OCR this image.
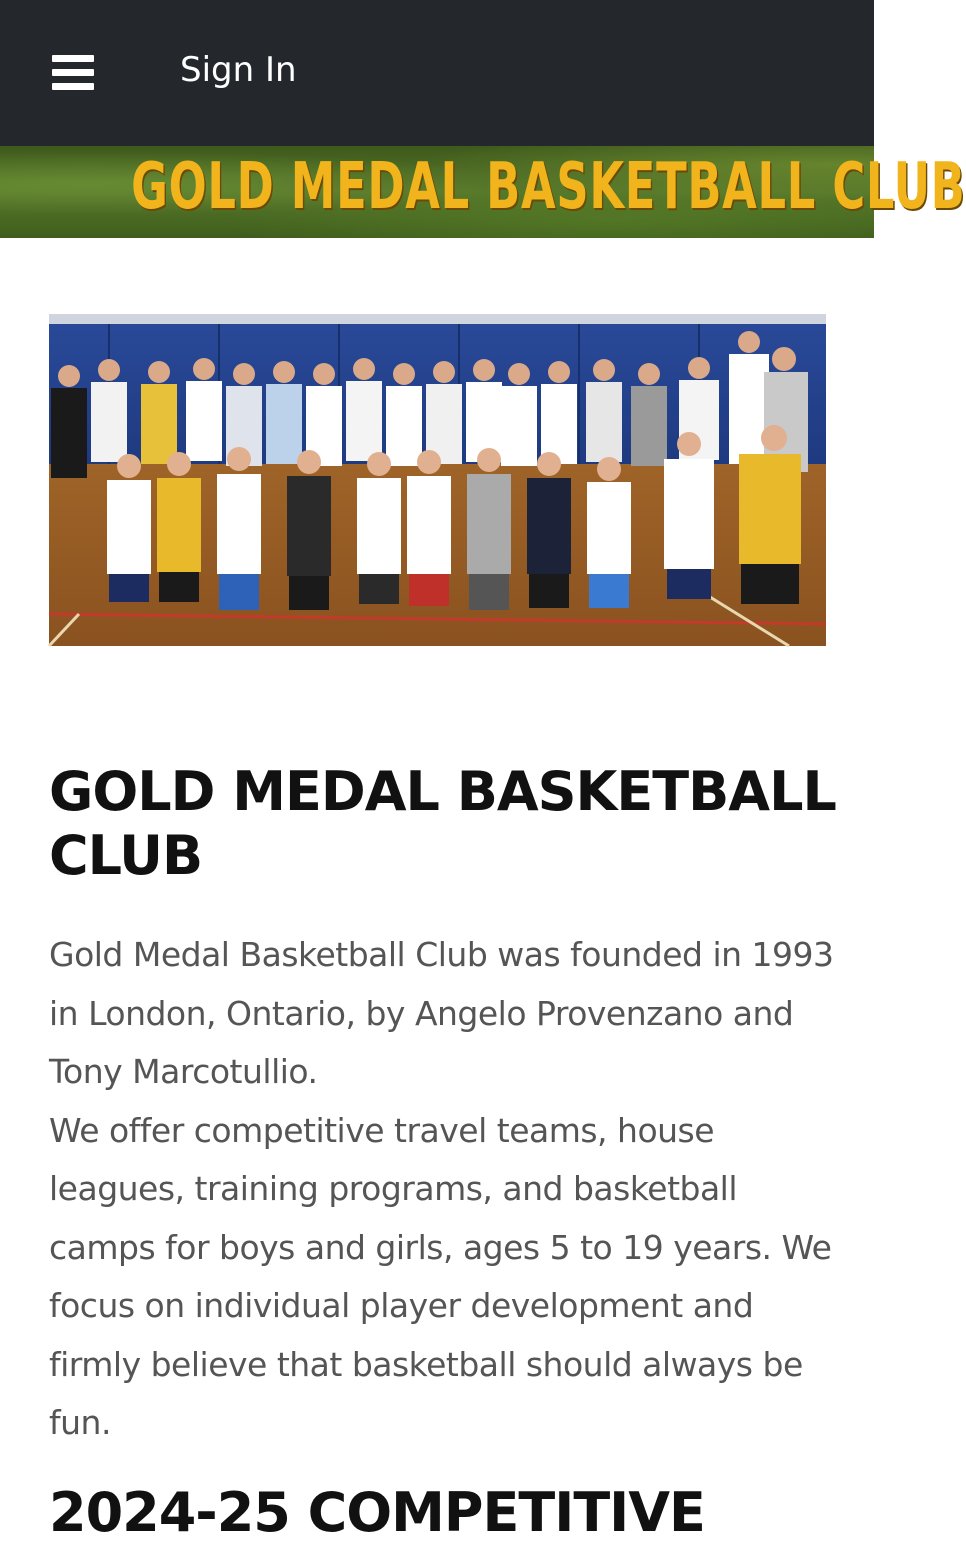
Sign In
GOLD MEDAL BASKETBALL CLUB
GOLD MEDAL BASKETBALL CLUB

Gold Medal Basketball Club was founded in 1993 in London, Ontario, by Angelo Provenzano and Tony Marcotullio.

We offer competitive travel teams, house leagues, training programs, and basketball camps for boys and girls, ages 5 to 19 years. We focus on individual player development and firmly believe that basketball should always be fun.

2024-25 COMPETITIVE
